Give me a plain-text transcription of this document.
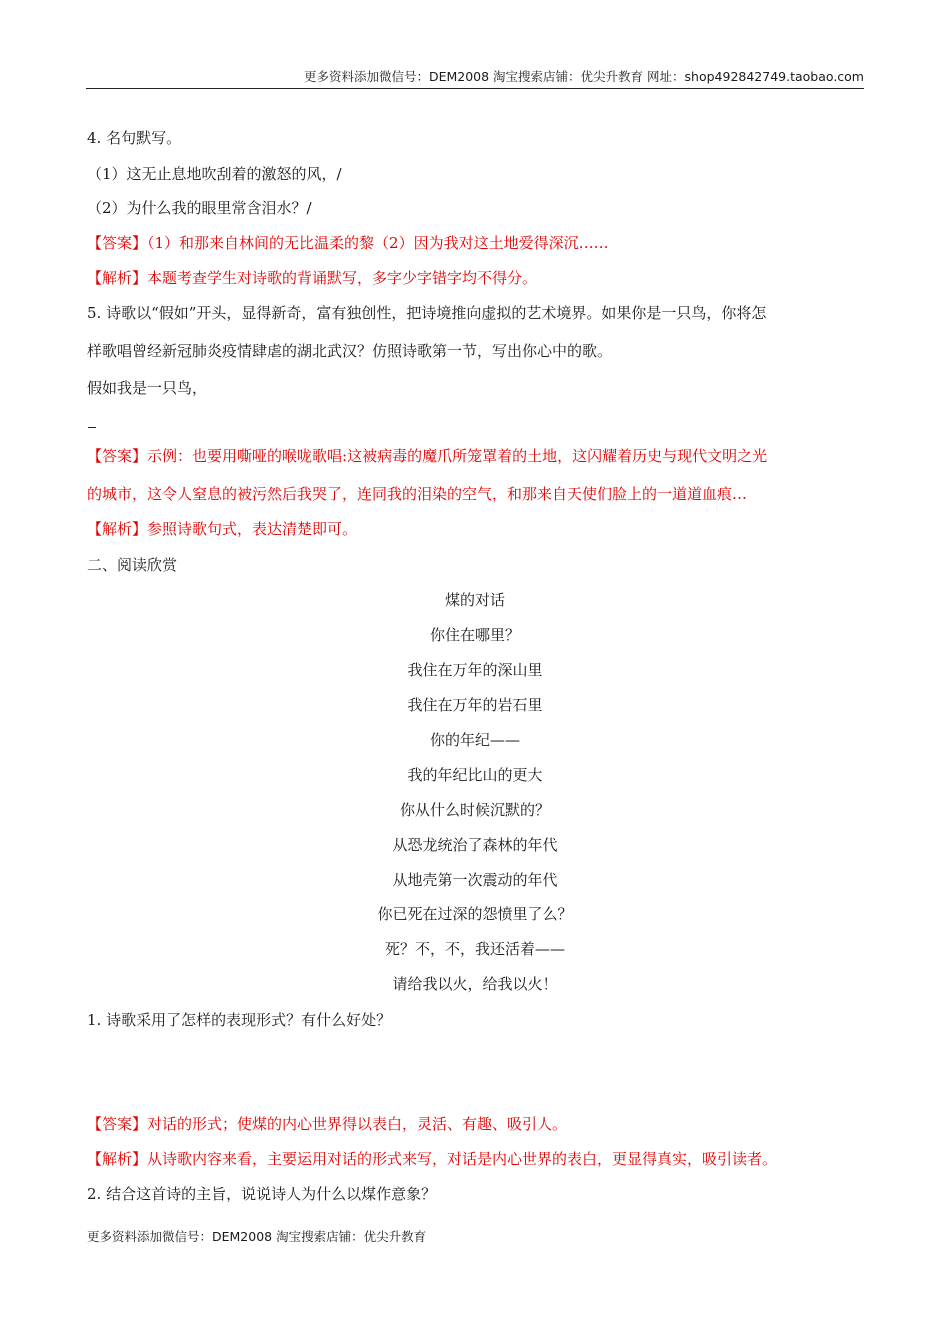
更多资料添加微信号：DEM2008 淘宝搜索店铺：优尖升教育 网址：shop492842749.taobao.com
4. 名句默写。
（1）这无止息地吹刮着的激怒的风，/
（2）为什么我的眼里常含泪水？/
【答案】（1）和那来自林间的无比温柔的黎（2）因为我对这土地爱得深沉……
【解析】本题考查学生对诗歌的背诵默写，多字少字错字均不得分。
5. 诗歌以“假如”开头，显得新奇，富有独创性，把诗境推向虚拟的艺术境界。如果你是一只鸟，你将怎
样歌唱曾经新冠肺炎疫情肆虐的湖北武汉？仿照诗歌第一节，写出你心中的歌。
假如我是一只鸟，
【答案】示例：也要用嘶哑的喉咙歌唱:这被病毒的魔爪所笼罩着的土地，这闪耀着历史与现代文明之光
的城市，这令人窒息的被污然后我哭了，连同我的泪染的空气，和那来自天使们脸上的一道道血痕…
【解析】参照诗歌句式，表达清楚即可。
二、阅读欣赏
煤的对话
你住在哪里？
我住在万年的深山里
我住在万年的岩石里
你的年纪——
我的年纪比山的更大
你从什么时候沉默的？
从恐龙统治了森林的年代
从地壳第一次震动的年代
你已死在过深的怨愤里了么？
死？不，不，我还活着——
请给我以火，给我以火！
1. 诗歌采用了怎样的表现形式？有什么好处？
【答案】对话的形式；使煤的内心世界得以表白，灵活、有趣、吸引人。
【解析】从诗歌内容来看，主要运用对话的形式来写，对话是内心世界的表白，更显得真实，吸引读者。
2. 结合这首诗的主旨，说说诗人为什么以煤作意象？
更多资料添加微信号：DEM2008 淘宝搜索店铺：优尖升教育
